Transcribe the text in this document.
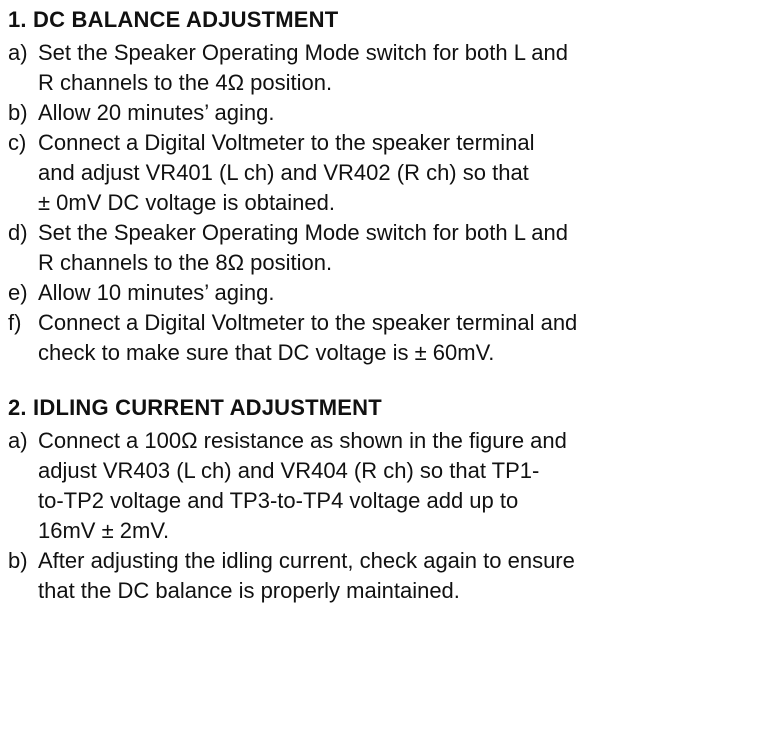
1. DC BALANCE ADJUSTMENT
a) Set the Speaker Operating Mode switch for both L and
R channels to the 4Ω position.
b) Allow 20 minutes’ aging.
c) Connect a Digital Voltmeter to the speaker terminal
and adjust VR401 (L ch) and VR402 (R ch) so that
± 0mV DC voltage is obtained.
d) Set the Speaker Operating Mode switch for both L and
R channels to the 8Ω position.
e) Allow 10 minutes’ aging.
f) Connect a Digital Voltmeter to the speaker terminal and
check to make sure that DC voltage is ± 60mV.
2. IDLING CURRENT ADJUSTMENT
a) Connect a 100Ω resistance as shown in the figure and
adjust VR403 (L ch) and VR404 (R ch) so that TP1-
to-TP2 voltage and TP3-to-TP4 voltage add up to
16mV ± 2mV.
b) After adjusting the idling current, check again to ensure
that the DC balance is properly maintained.
